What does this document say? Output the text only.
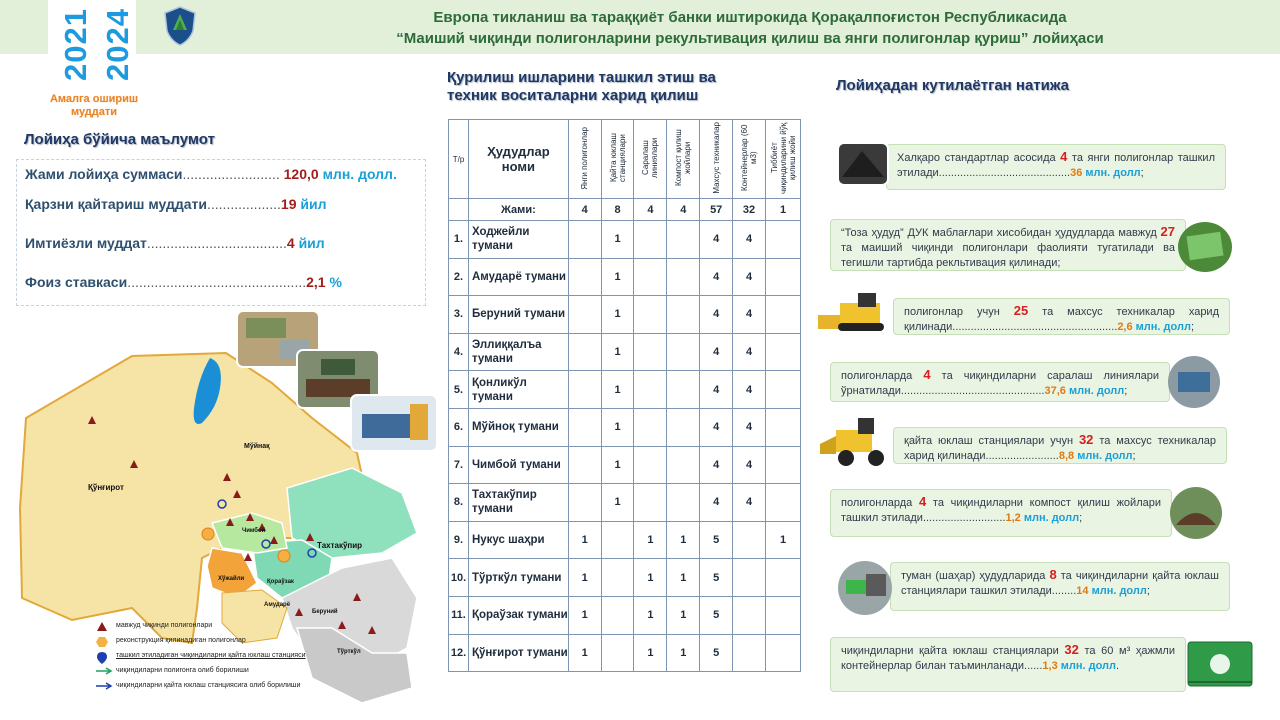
Европа тикланиш ва тараққиёт банки иштирокида Қорақалпоғистон Республикасида
“Маиший чиқинди полигонларини рекультивация қилиш ва янги полигонлар қуриш” лойиҳаси
2021 2024
Амалга ошириш муддати
Лойиҳа бўйича маълумот
Жами лойиҳа суммаси......................... 120,0 млн. долл.
Қарзни қайтариш муддати...................19 йил
Имтиёзли муддат....................................4 йил
Фоиз ставкаси..............................................2,1 %
Қўнғирот
Мўйнақ
Тахтакўпир
Қораўзак
Чимбой
Хўжайли
Беруний
Тўрткўл
Амударё
мавжуд чиқинди полигонлари
реконструкция қилинадиган полигонлар
ташкил этиладиган чиқиндиларни қайта юклаш станцияси
чиқиндиларни полигонга олиб борилиши
чиқиндиларни қайта юклаш станциясига олиб борилиши
Қурилиш ишларини ташкил этиш ва техник воситаларни харид қилиш
Т/р	Ҳудудлар номи	Янги полигонлар	Қайта юклаш станциялари	Саралаш линиялари	Компост қилиш жойлари	Махсус техникалар	Контейнерлар (60 м3)	Тиббиёт чиқиндиларини йўқ қилиш жойи
	Жами:	4	8	4	4	57	32	1
1.	Ходжейли тумани		1			4	4	
2.	Амударё тумани		1			4	4	
3.	Беруний тумани		1			4	4	
4.	Эллиққалъа тумани		1			4	4	
5.	Қонликўл тумани		1			4	4	
6.	Мўйноқ тумани		1			4	4	
7.	Чимбой тумани		1			4	4	
8.	Тахтакўпир тумани		1			4	4	
9.	Нукус шаҳри	1		1	1	5		1
10.	Тўрткўл тумани	1		1	1	5		
11.	Қораўзак тумани	1		1	1	5		
12.	Қўнғирот тумани	1		1	1	5		
Лойиҳадан кутилаётган натижа
Халқаро стандартлар асосида 4 та янги полигонлар ташкил этилади...........................................36 млн. долл;
“Тоза ҳудуд” ДУК маблағлари хисобидан ҳудудларда мавжуд 27 та маиший чиқинди полигонлари фаолияти тугатилади ва тегишли тартибда рекльтивация қилинади;
полигонлар учун 25 та махсус техникалар харид қилинади......................................................2,6 млн. долл;
полигонларда 4 та чиқиндиларни саралаш линиялари ўрнатилади...............................................37,6 млн. долл;
қайта юклаш станциялари учун 32 та махсус техникалар харид қилинади........................8,8 млн. долл;
полигонларда 4 та чиқиндиларни компост қилиш жойлари ташкил этилади...........................1,2 млн. долл;
туман (шаҳар) ҳудудларида 8 та чиқиндиларни қайта юклаш станциялари ташкил этилади........14 млн. долл;
чиқиндиларни қайта юклаш станциялари 32 та 60 м³ ҳажмли контейнерлар билан таъминланади......1,3 млн. долл.
